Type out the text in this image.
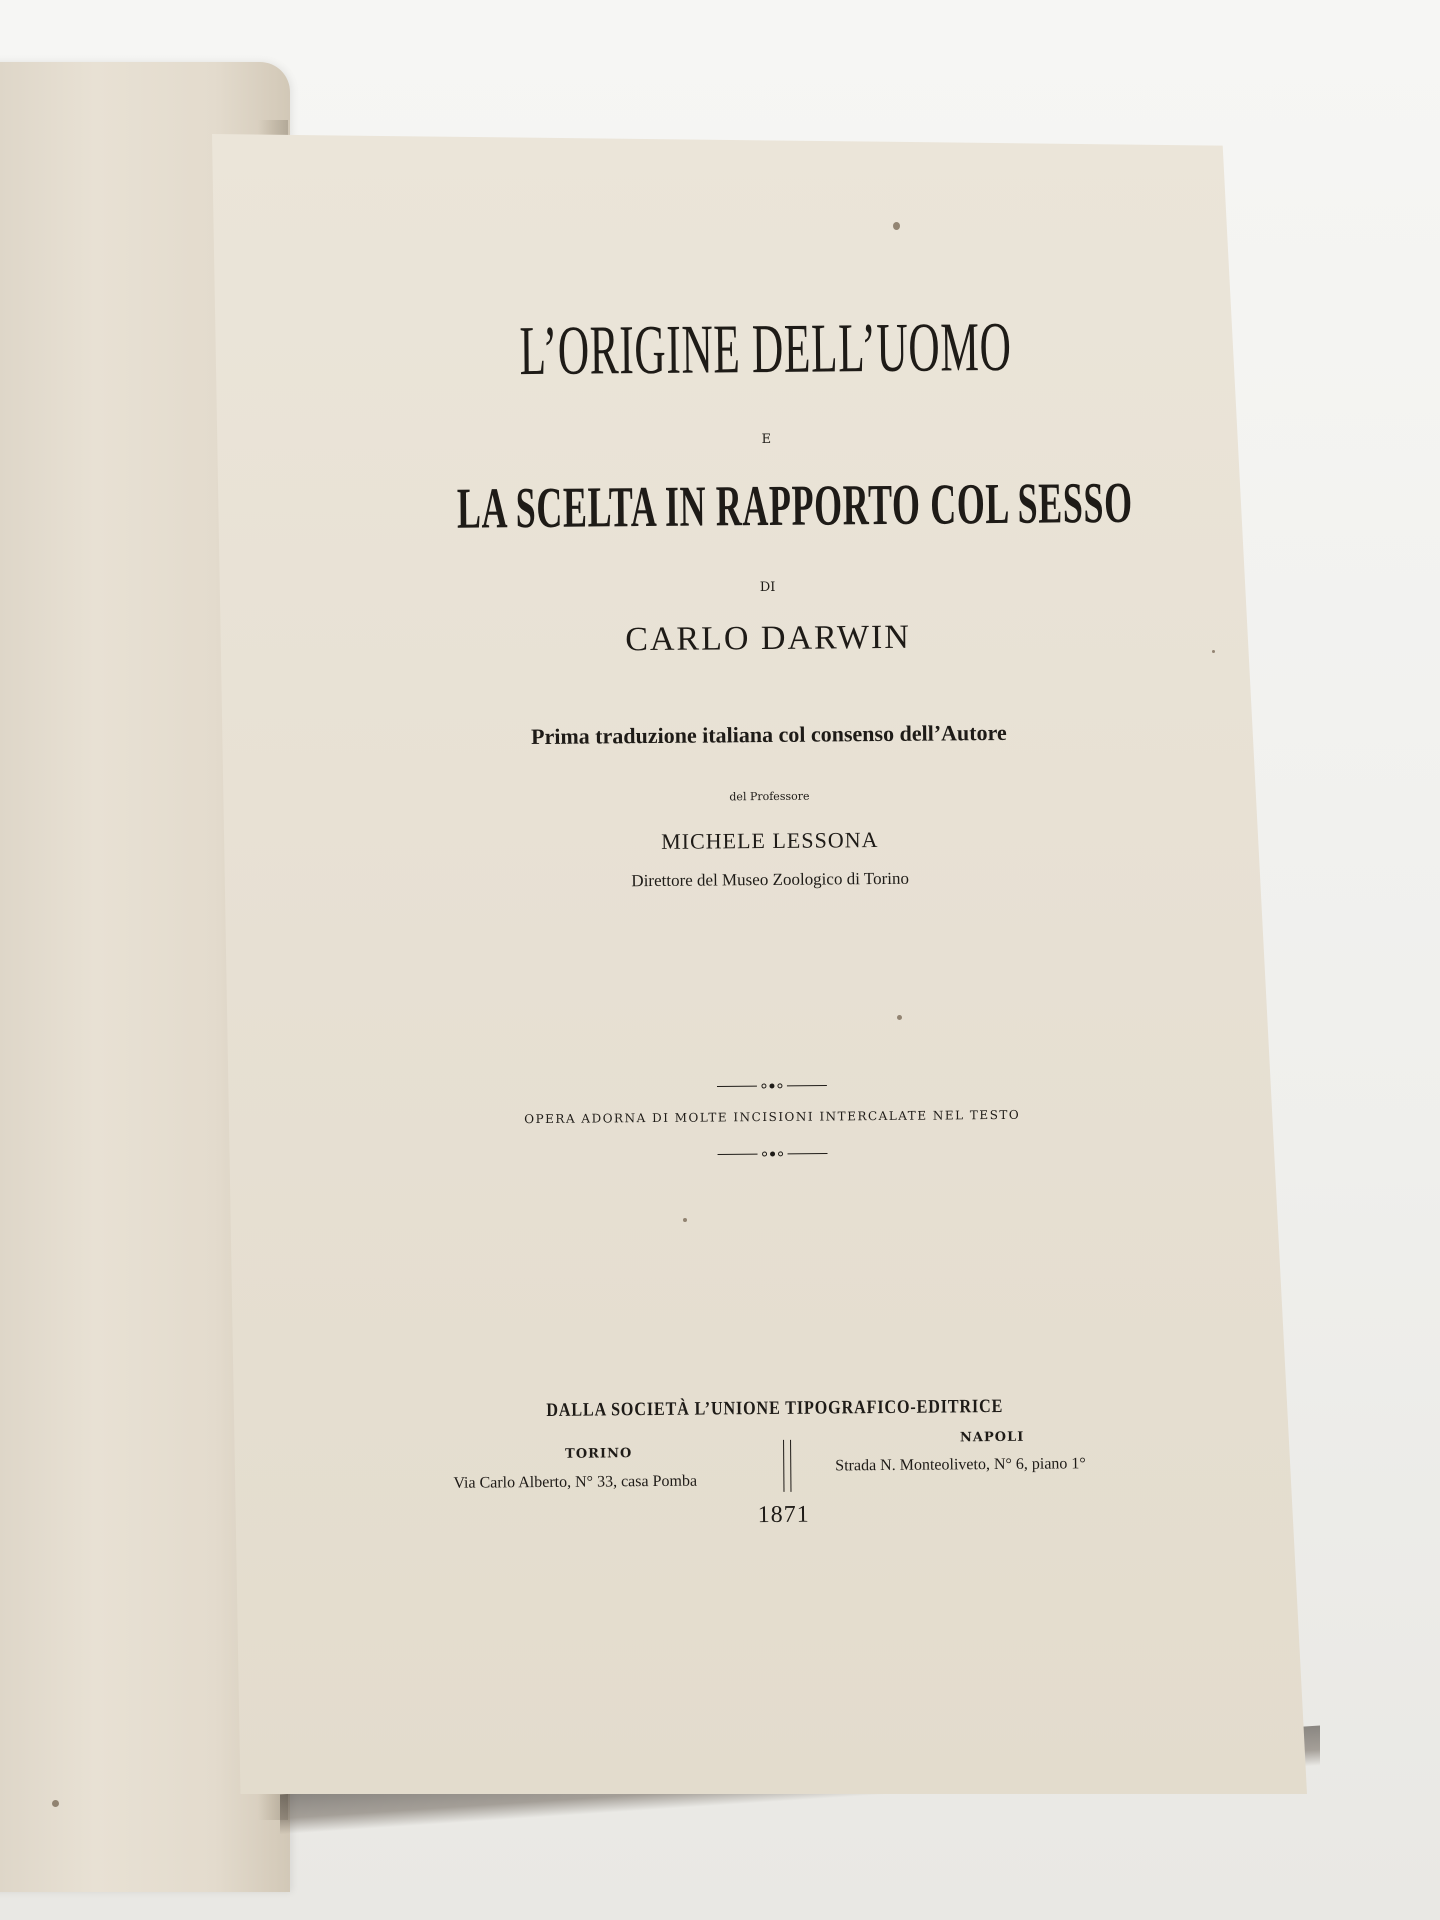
L’ORIGINE DELL’UOMO
E
LA SCELTA IN RAPPORTO COL SESSO
DI
CARLO DARWIN
Prima traduzione italiana col consenso dell’Autore
del Professore
MICHELE LESSONA
Direttore del Museo Zoologico di Torino
OPERA ADORNA DI MOLTE INCISIONI INTERCALATE NEL TESTO
DALLA SOCIETÀ L’UNIONE TIPOGRAFICO-EDITRICE
TORINO
Via Carlo Alberto, N° 33, casa Pomba
NAPOLI
Strada N. Monteoliveto, N° 6, piano 1°
1871
